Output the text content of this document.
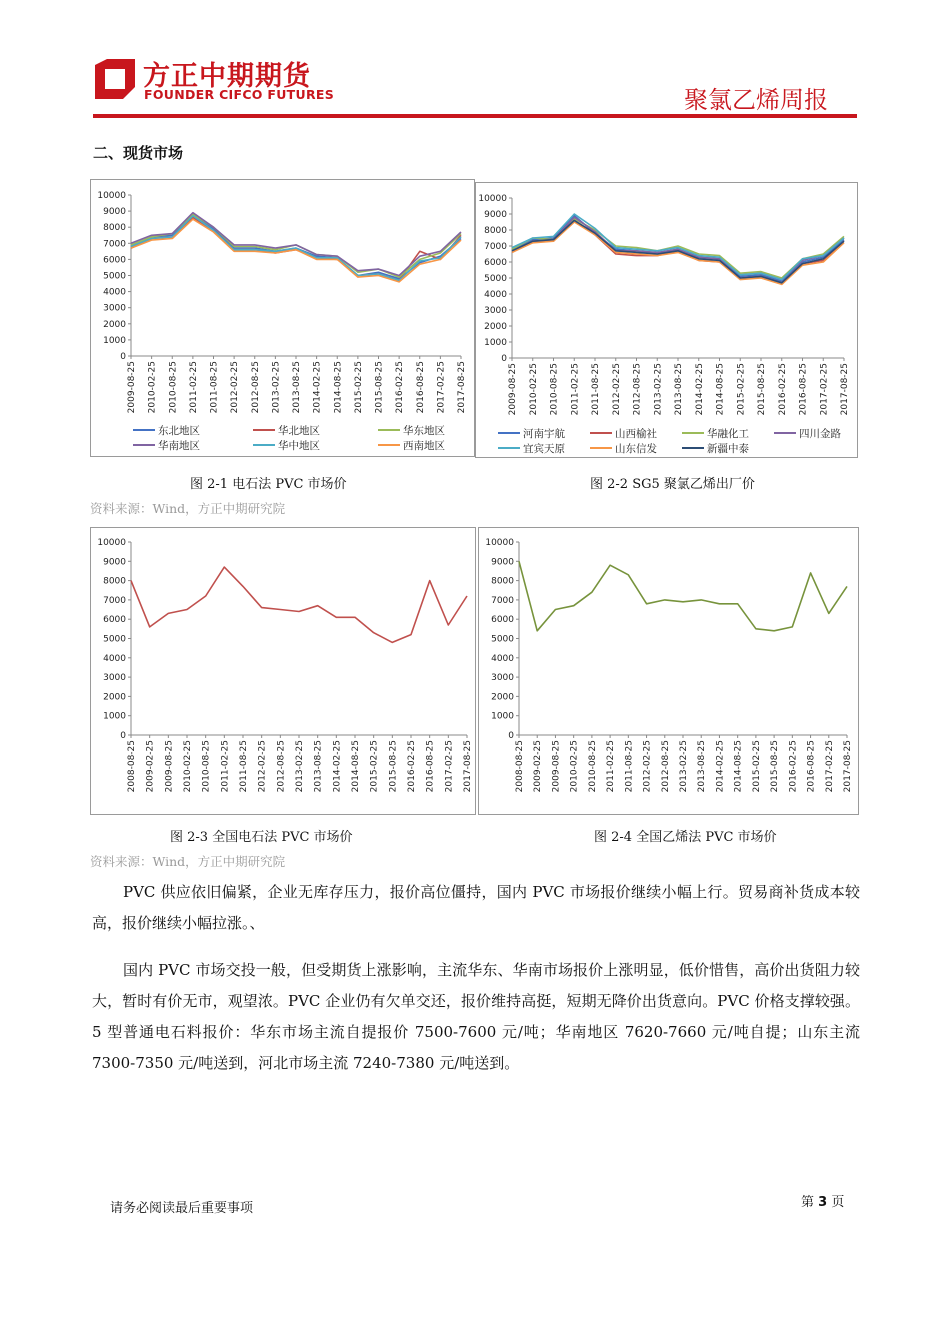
方正中期期货
FOUNDER CIFCO FUTURES	聚氯乙烯周报
二、现货市场
0
1000
2000
3000
4000
5000
6000
7000
8000
9000
10000
2009-08-25 2010-02-25 2010-08-25 2011-02-25 2011-08-25 2012-02-25 2012-08-25 2013-02-25 2013-08-25 2014-02-25 2014-08-25 2015-02-25 2015-08-25 2016-02-25 2016-08-25 2017-02-25 2017-08-25
东北地区	华北地区	华东地区
华南地区	华中地区	西南地区
0
1000
2000
3000
4000
5000
6000
7000
8000
9000
10000
2009-08-25 2010-02-25 2010-08-25 2011-02-25 2011-08-25 2012-02-25 2012-08-25 2013-02-25 2013-08-25 2014-02-25 2014-08-25 2015-02-25 2015-08-25 2016-02-25 2016-08-25 2017-02-25 2017-08-25
河南宇航	山西榆社	华融化工	四川金路
宜宾天原	山东信发	新疆中泰
图 2-1 电石法 PVC 市场价	图 2-2 SG5 聚氯乙烯出厂价
资料来源：Wind，方正中期研究院
0
1000
2000
3000
4000
5000
6000
7000
8000
9000
10000
2008-08-25 2009-02-25 2009-08-25 2010-02-25 2010-08-25 2011-02-25 2011-08-25 2012-02-25 2012-08-25 2013-02-25 2013-08-25 2014-02-25 2014-08-25 2015-02-25 2015-08-25 2016-02-25 2016-08-25 2017-02-25 2017-08-25
0
1000
2000
3000
4000
5000
6000
7000
8000
9000
10000
2008-08-25 2009-02-25 2009-08-25 2010-02-25 2010-08-25 2011-02-25 2011-08-25 2012-02-25 2012-08-25 2013-02-25 2013-08-25 2014-02-25 2014-08-25 2015-02-25 2015-08-25 2016-02-25 2016-08-25 2017-02-25 2017-08-25
图 2-3 全国电石法 PVC 市场价	图 2-4 全国乙烯法 PVC 市场价
资料来源：Wind，方正中期研究院
PVC 供应依旧偏紧，企业无库存压力，报价高位僵持，国内 PVC 市场报价继续小幅上行。贸易商补货成本较高，报价继续小幅拉涨。、
国内 PVC 市场交投一般，但受期货上涨影响，主流华东、华南市场报价上涨明显，低价惜售，高价出货阻力较大，暂时有价无市，观望浓。PVC 企业仍有欠单交还，报价维持高挺，短期无降价出货意向。PVC 价格支撑较强。5 型普通电石料报价：华东市场主流自提报价 7500-7600 元/吨；华南地区 7620-7660 元/吨自提；山东主流 7300-7350 元/吨送到，河北市场主流 7240-7380 元/吨送到。
请务必阅读最后重要事项	第 3 页
